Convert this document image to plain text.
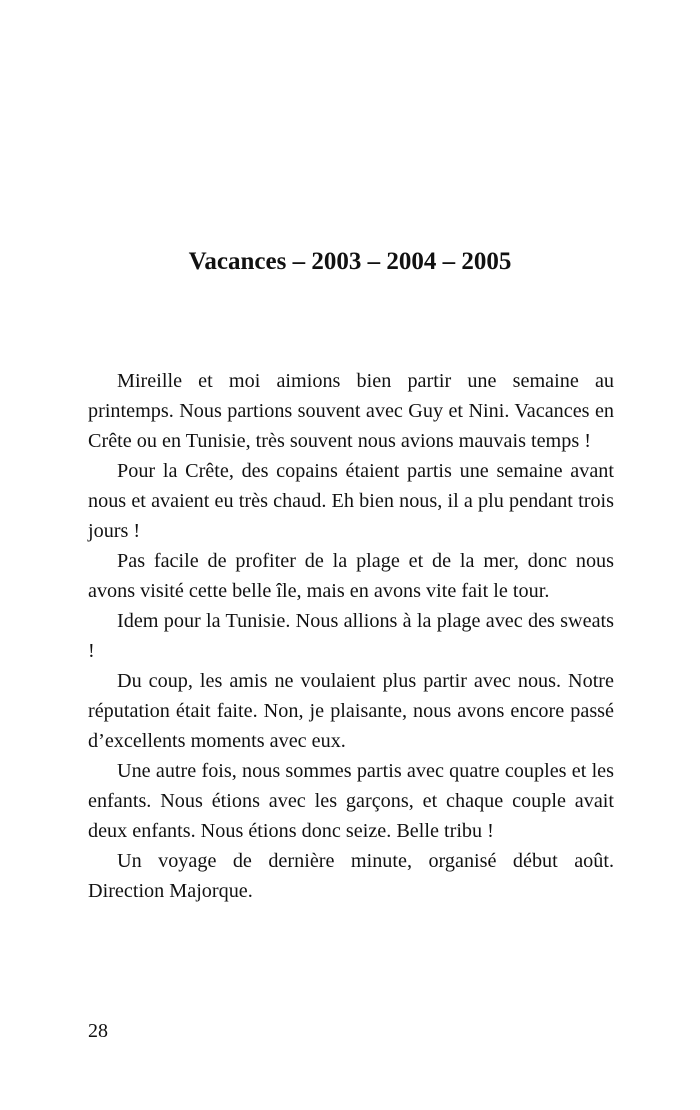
Vacances – 2003 – 2004 – 2005

Mireille et moi aimions bien partir une semaine au printemps. Nous partions souvent avec Guy et Nini. Vacances en Crête ou en Tunisie, très souvent nous avions mauvais temps !

Pour la Crête, des copains étaient partis une semaine avant nous et avaient eu très chaud. Eh bien nous, il a plu pendant trois jours !

Pas facile de profiter de la plage et de la mer, donc nous avons visité cette belle île, mais en avons vite fait le tour.

Idem pour la Tunisie. Nous allions à la plage avec des sweats !

Du coup, les amis ne voulaient plus partir avec nous. Notre réputation était faite. Non, je plaisante, nous avons encore passé d’excellents moments avec eux.

Une autre fois, nous sommes partis avec quatre couples et les enfants. Nous étions avec les garçons, et chaque couple avait deux enfants. Nous étions donc seize. Belle tribu !

Un voyage de dernière minute, organisé début août. Direction Majorque.

28
